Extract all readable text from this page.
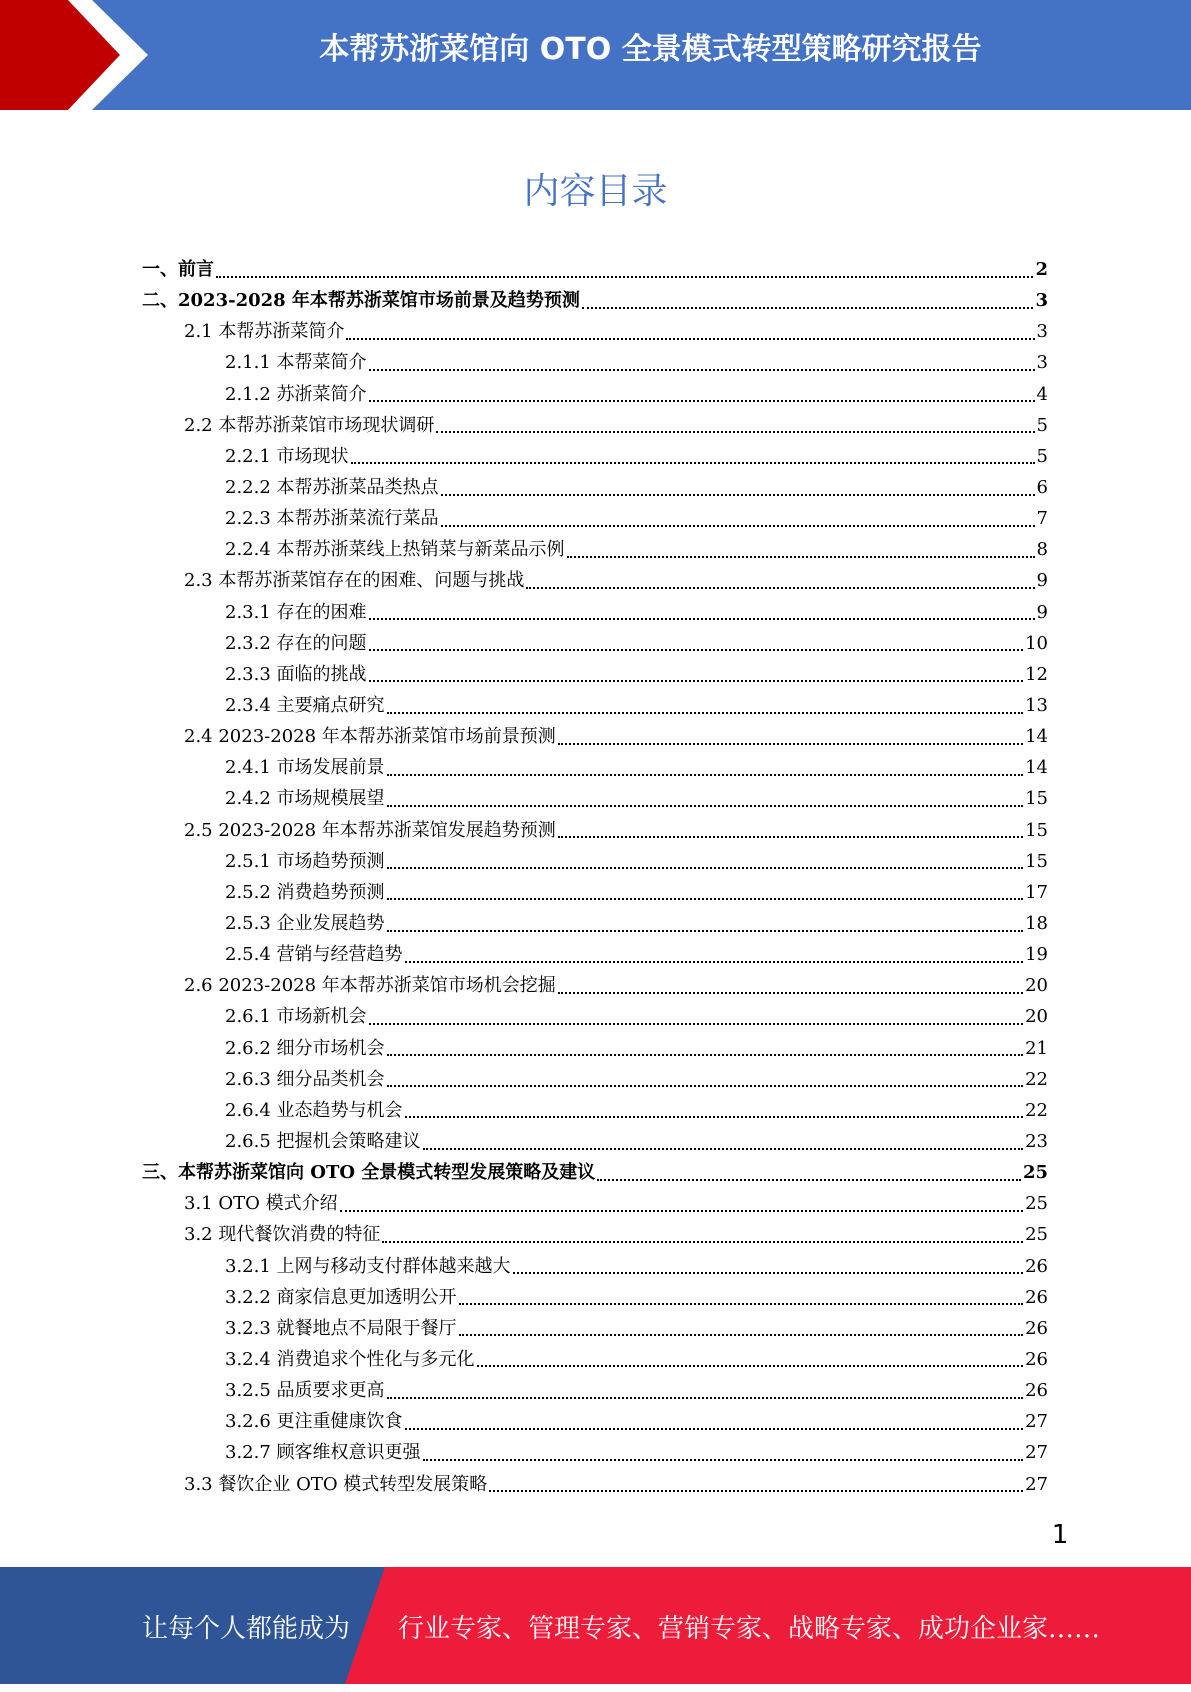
本帮苏浙菜馆向 OTO 全景模式转型策略研究报告
内容目录
一、前言	2
二、2023-2028 年本帮苏浙菜馆市场前景及趋势预测	3
2.1 本帮苏浙菜简介	3
2.1.1 本帮菜简介	3
2.1.2 苏浙菜简介	4
2.2 本帮苏浙菜馆市场现状调研	5
2.2.1 市场现状	5
2.2.2 本帮苏浙菜品类热点	6
2.2.3 本帮苏浙菜流行菜品	7
2.2.4 本帮苏浙菜线上热销菜与新菜品示例	8
2.3 本帮苏浙菜馆存在的困难、问题与挑战	9
2.3.1 存在的困难	9
2.3.2 存在的问题	10
2.3.3 面临的挑战	12
2.3.4 主要痛点研究	13
2.4 2023-2028 年本帮苏浙菜馆市场前景预测	14
2.4.1 市场发展前景	14
2.4.2 市场规模展望	15
2.5 2023-2028 年本帮苏浙菜馆发展趋势预测	15
2.5.1 市场趋势预测	15
2.5.2 消费趋势预测	17
2.5.3 企业发展趋势	18
2.5.4 营销与经营趋势	19
2.6 2023-2028 年本帮苏浙菜馆市场机会挖掘	20
2.6.1 市场新机会	20
2.6.2 细分市场机会	21
2.6.3 细分品类机会	22
2.6.4 业态趋势与机会	22
2.6.5 把握机会策略建议	23
三、本帮苏浙菜馆向 OTO 全景模式转型发展策略及建议	25
3.1 OTO 模式介绍	25
3.2 现代餐饮消费的特征	25
3.2.1 上网与移动支付群体越来越大	26
3.2.2 商家信息更加透明公开	26
3.2.3 就餐地点不局限于餐厅	26
3.2.4 消费追求个性化与多元化	26
3.2.5 品质要求更高	26
3.2.6 更注重健康饮食	27
3.2.7 顾客维权意识更强	27
3.3 餐饮企业 OTO 模式转型发展策略	27
1
让每个人都能成为 行业专家、管理专家、营销专家、战略专家、成功企业家……
